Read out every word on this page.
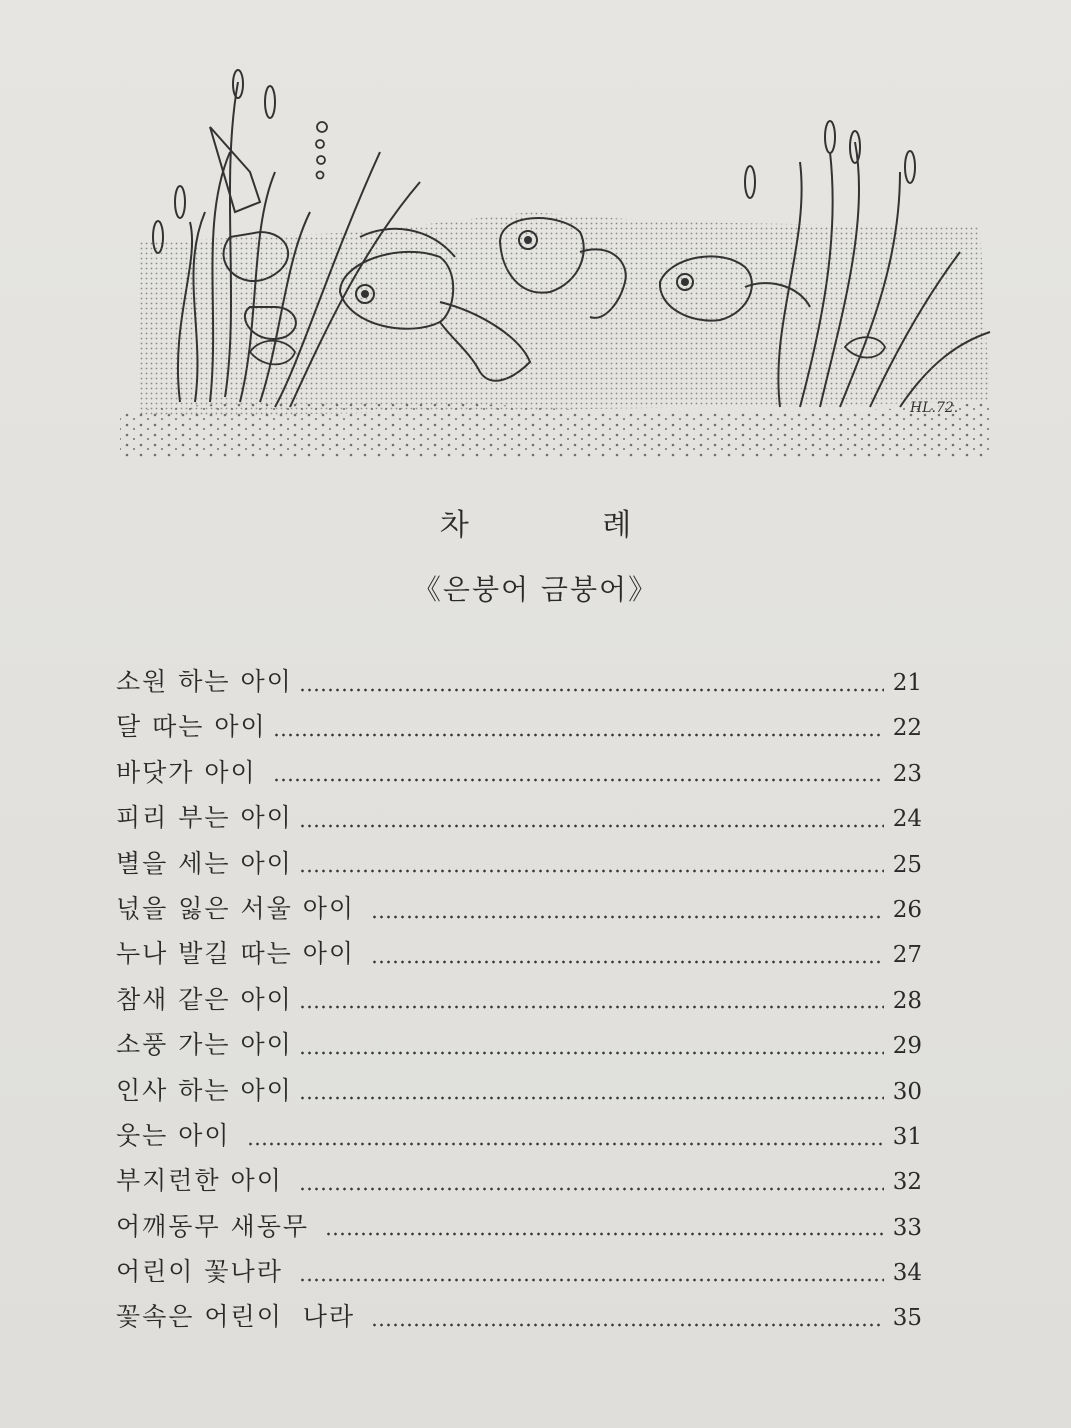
HL.72.
차 례
《은붕어 금붕어》
소원 하는 아이	21
달 따는 아이	22
바닷가 아이	23
피리 부는 아이	24
별을 세는 아이	25
넋을 잃은 서울 아이	26
누나 발길 따는 아이	27
참새 같은 아이	28
소풍 가는 아이	29
인사 하는 아이	30
웃는 아이	31
부지런한 아이	32
어깨동무 새동무	33
어린이 꽃나라	34
꽃속은 어린이  나라	35
